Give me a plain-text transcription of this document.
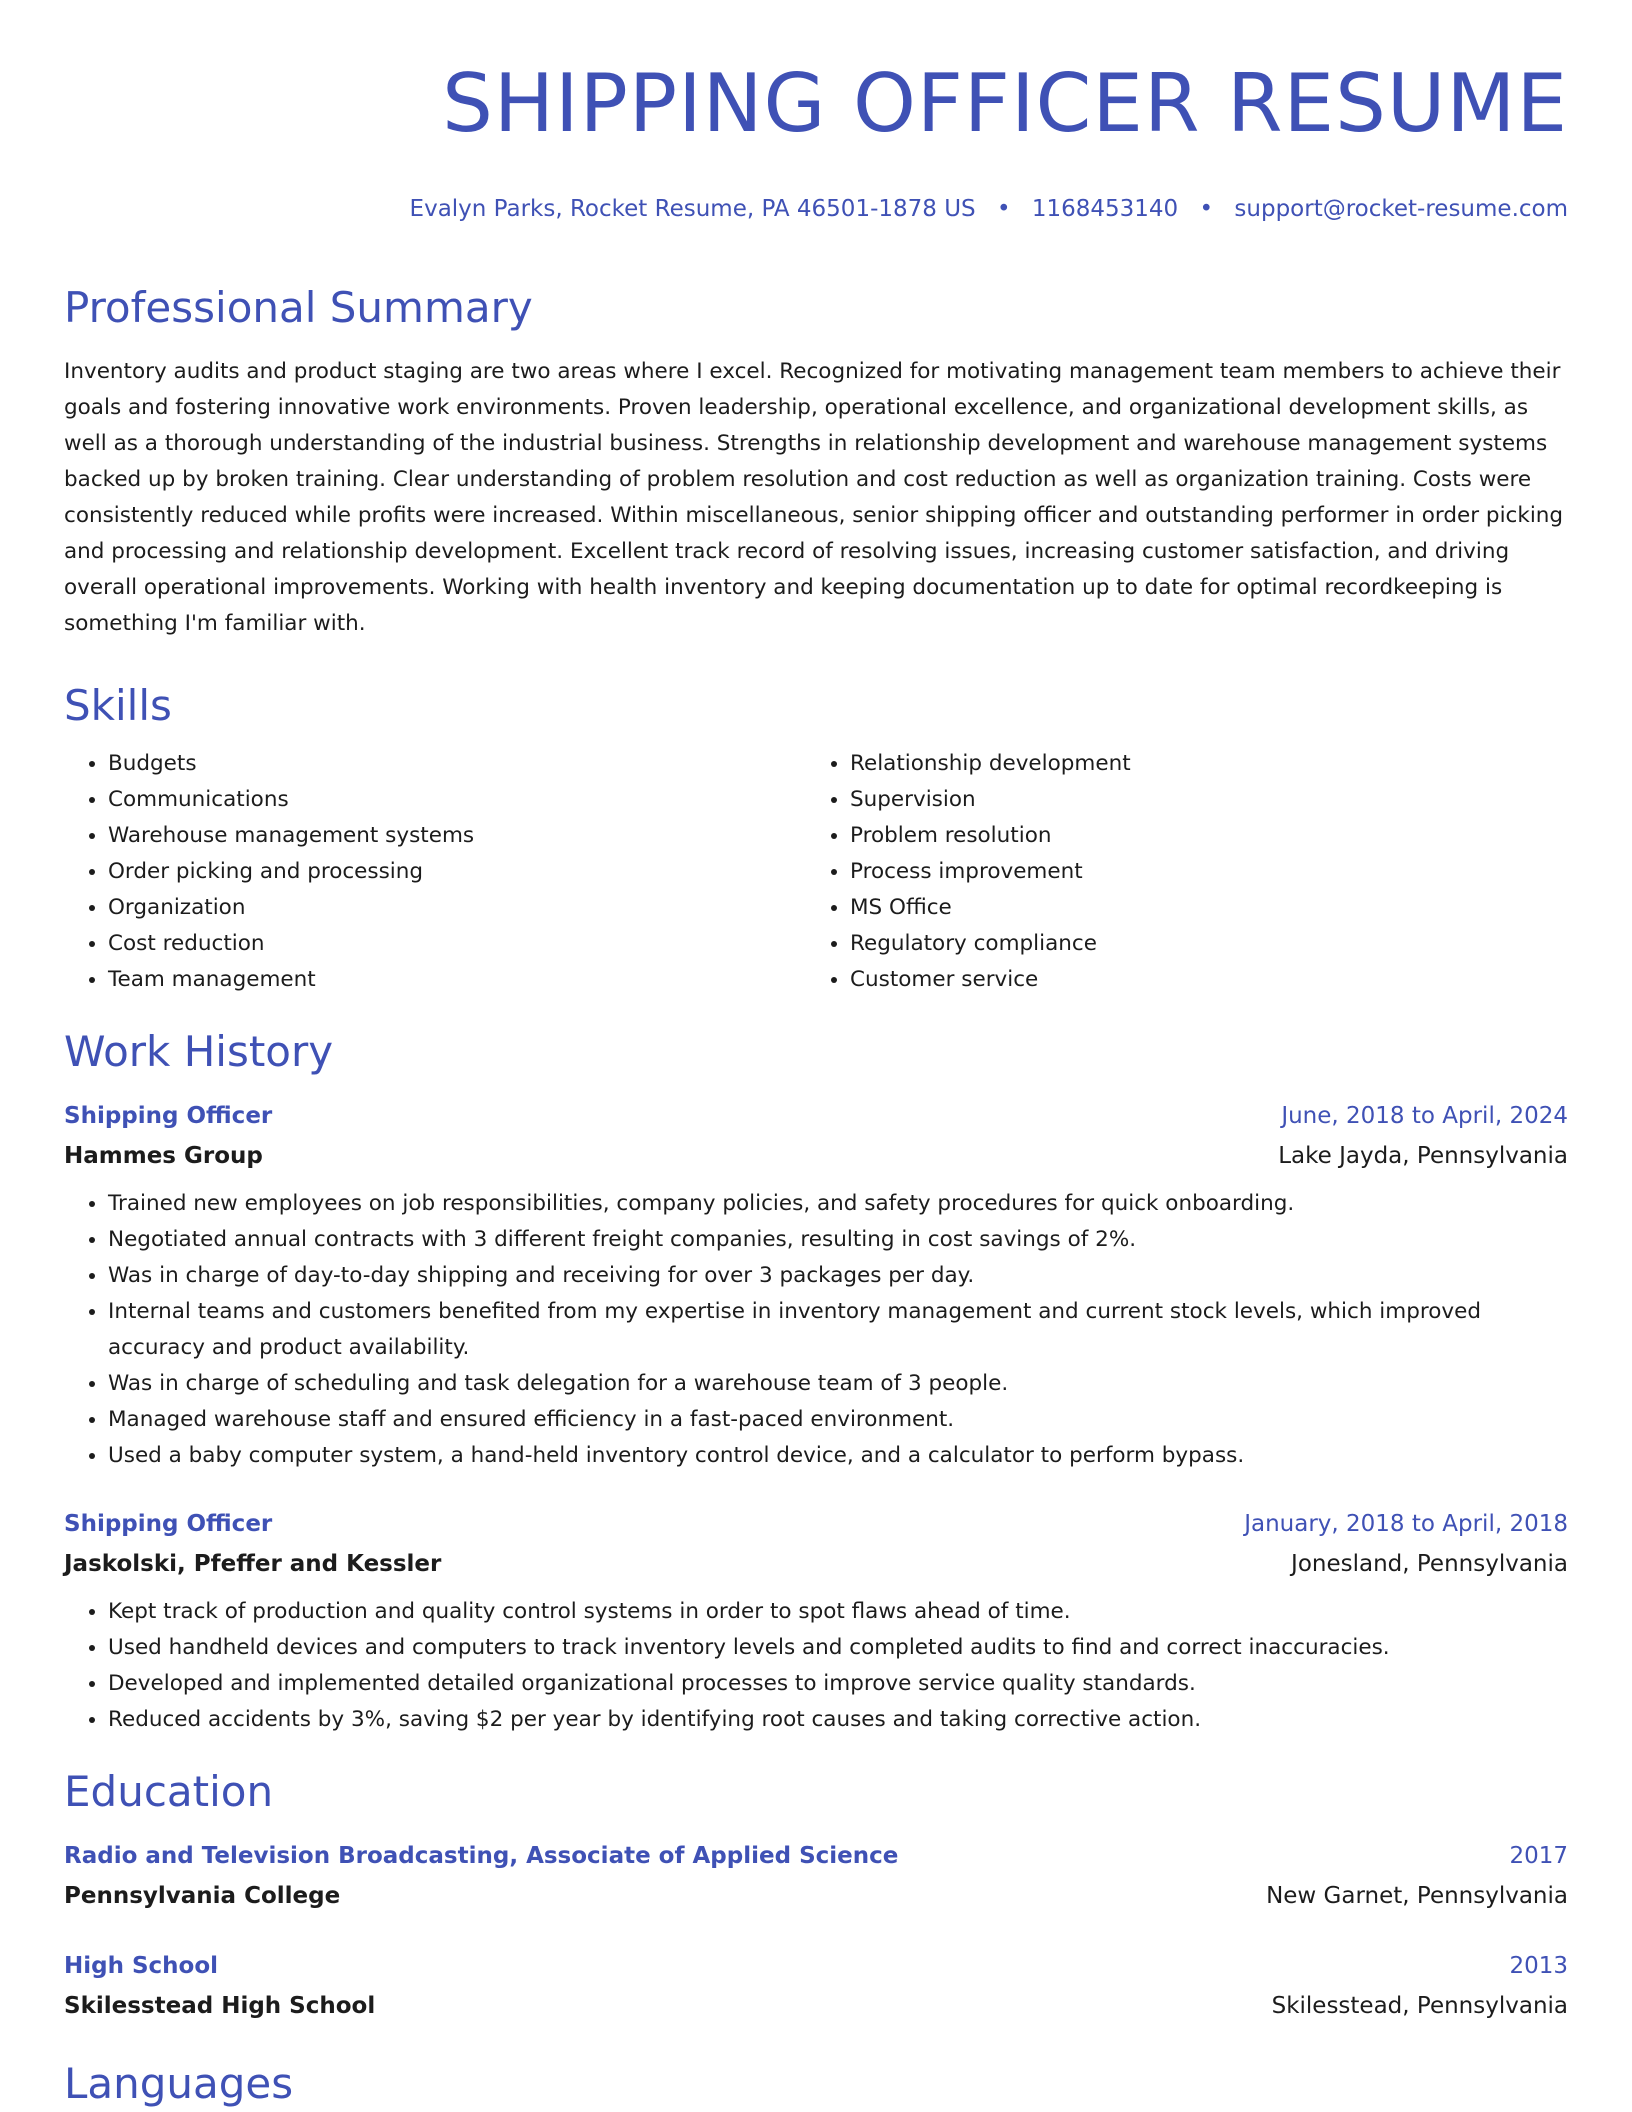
SHIPPING OFFICER RESUME
Evalyn Parks, Rocket Resume, PA 46501-1878 US • 1168453140 • support@rocket-resume.com
Professional Summary

Inventory audits and product staging are two areas where I excel. Recognized for motivating management team members to achieve their goals and fostering innovative work environments. Proven leadership, operational excellence, and organizational development skills, as well as a thorough understanding of the industrial business. Strengths in relationship development and warehouse management systems backed up by broken training. Clear understanding of problem resolution and cost reduction as well as organization training. Costs were consistently reduced while profits were increased. Within miscellaneous, senior shipping officer and outstanding performer in order picking and processing and relationship development. Excellent track record of resolving issues, increasing customer satisfaction, and driving overall operational improvements. Working with health inventory and keeping documentation up to date for optimal recordkeeping is something I'm familiar with.

Skills
• Budgets
• Communications
• Warehouse management systems
• Order picking and processing
• Organization
• Cost reduction
• Team management
• Relationship development
• Supervision
• Problem resolution
• Process improvement
• MS Office
• Regulatory compliance
• Customer service
Work History
Shipping Officer	June, 2018 to April, 2024
Hammes Group	Lake Jayda, Pennsylvania
• Trained new employees on job responsibilities, company policies, and safety procedures for quick onboarding.
• Negotiated annual contracts with 3 different freight companies, resulting in cost savings of 2%.
• Was in charge of day-to-day shipping and receiving for over 3 packages per day.
• Internal teams and customers benefited from my expertise in inventory management and current stock levels, which improved accuracy and product availability.
• Was in charge of scheduling and task delegation for a warehouse team of 3 people.
• Managed warehouse staff and ensured efficiency in a fast-paced environment.
• Used a baby computer system, a hand-held inventory control device, and a calculator to perform bypass.
Shipping Officer	January, 2018 to April, 2018
Jaskolski, Pfeffer and Kessler	Jonesland, Pennsylvania
• Kept track of production and quality control systems in order to spot flaws ahead of time.
• Used handheld devices and computers to track inventory levels and completed audits to find and correct inaccuracies.
• Developed and implemented detailed organizational processes to improve service quality standards.
• Reduced accidents by 3%, saving $2 per year by identifying root causes and taking corrective action.
Education
Radio and Television Broadcasting, Associate of Applied Science	2017
Pennsylvania College	New Garnet, Pennsylvania
High School	2013
Skilesstead High School	Skilesstead, Pennsylvania
Languages
